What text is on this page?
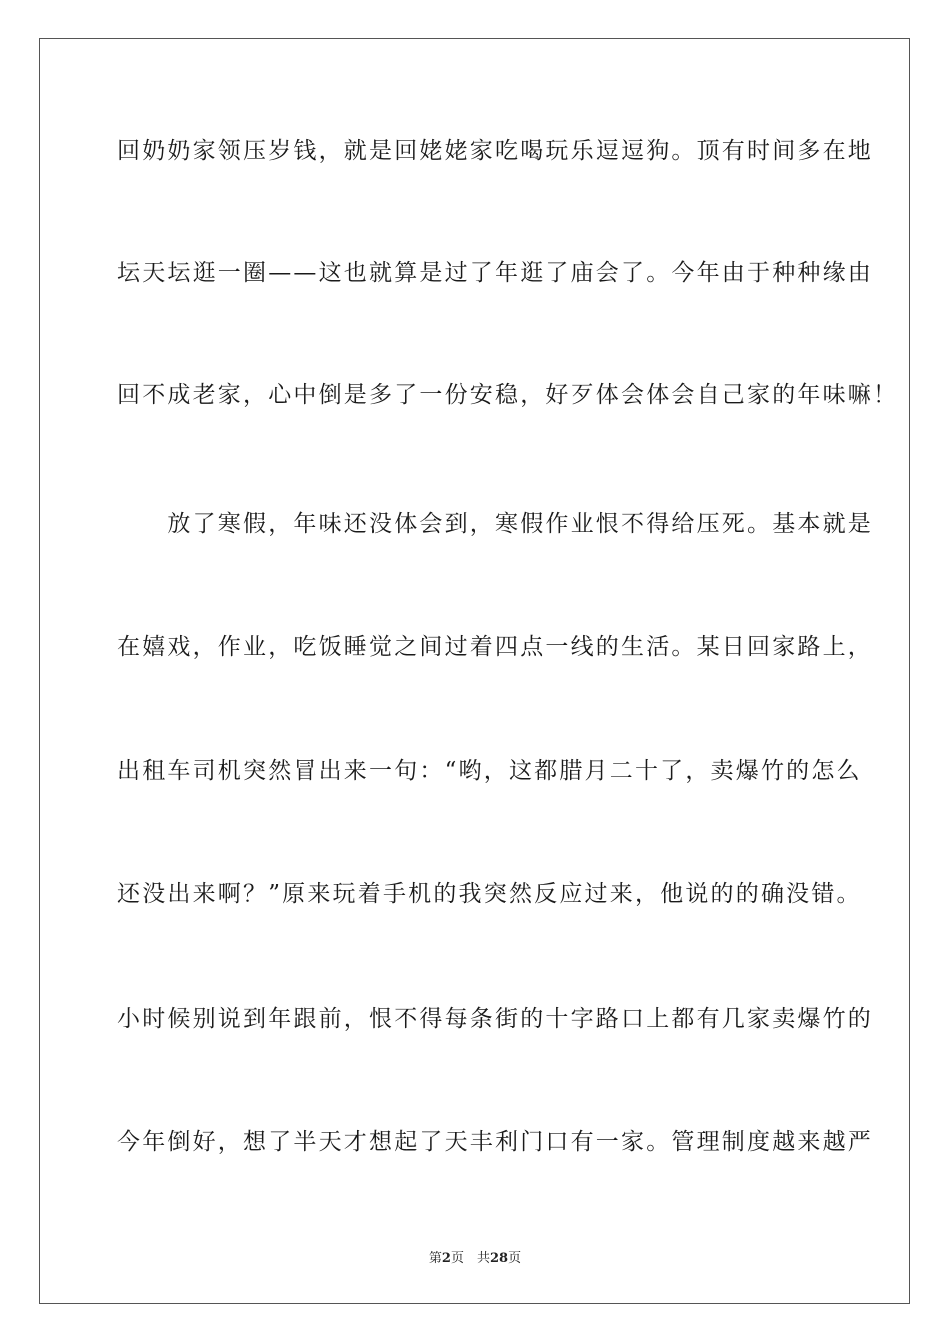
回奶奶家领压岁钱，就是回姥姥家吃喝玩乐逗逗狗。顶有时间多在地
坛天坛逛一圈——这也就算是过了年逛了庙会了。今年由于种种缘由
回不成老家，心中倒是多了一份安稳，好歹体会体会自己家的年味嘛！
　　放了寒假，年味还没体会到，寒假作业恨不得给压死。基本就是
在嬉戏，作业，吃饭睡觉之间过着四点一线的生活。某日回家路上，
出租车司机突然冒出来一句：“哟，这都腊月二十了，卖爆竹的怎么
还没出来啊？”原来玩着手机的我突然反应过来，他说的的确没错。
小时候别说到年跟前，恨不得每条街的十字路口上都有几家卖爆竹的
今年倒好，想了半天才想起了天丰利门口有一家。管理制度越来越严
第2页　共28页
